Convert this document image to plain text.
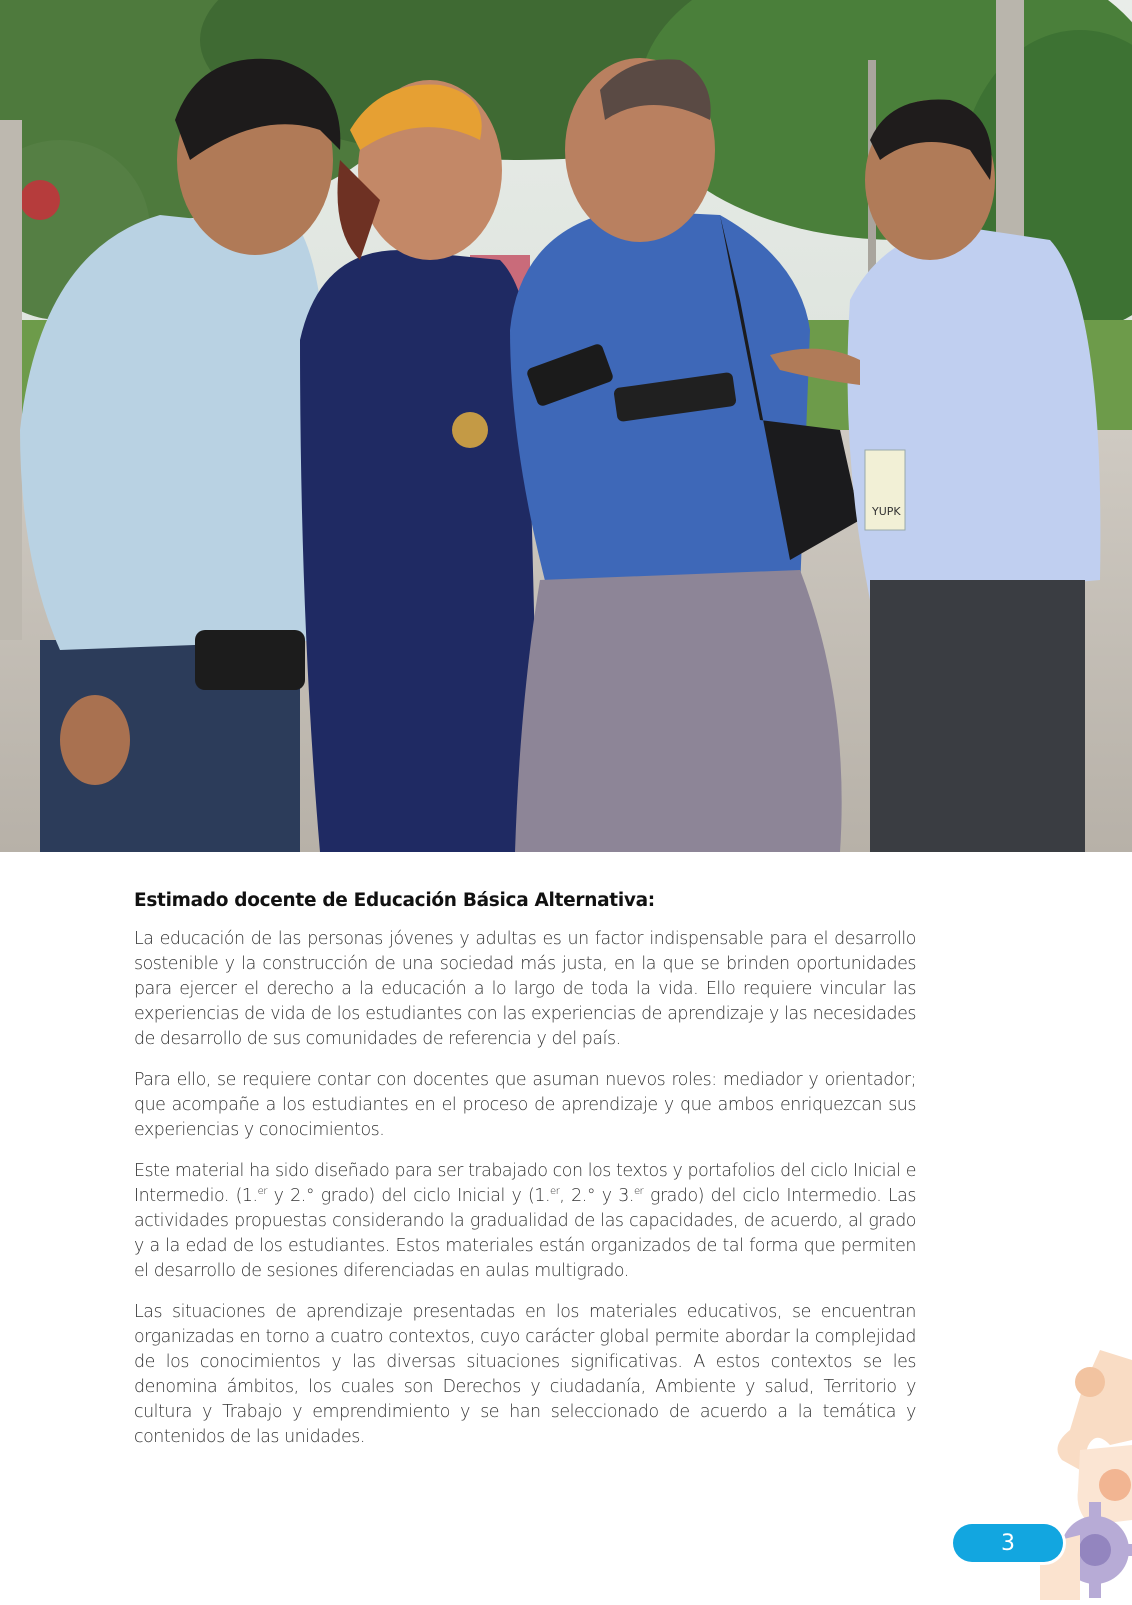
YUPK

Estimado docente de Educación Básica Alternativa:

La educación de las personas jóvenes y adultas es un factor indispensable para el desarrollo sostenible y la construcción de una sociedad más justa, en la que se brinden oportunidades para ejercer el derecho a la educación a lo largo de toda la vida. Ello requiere vincular las experiencias de vida de los estudiantes con las experiencias de aprendizaje y las necesidades de desarrollo de sus comunidades de referencia y del país.

Para ello, se requiere contar con docentes que asuman nuevos roles: mediador y orientador; que acompañe a los estudiantes en el proceso de aprendizaje y que ambos enriquezcan sus experiencias y conocimientos.

Este material ha sido diseñado para ser trabajado con los textos y portafolios del ciclo Inicial e Intermedio. (1.$^{er}$ y 2.° grado) del ciclo Inicial y (1.$^{er}$, 2.° y 3.$^{er}$ grado) del ciclo Intermedio. Las actividades propuestas considerando la gradualidad de las capacidades, de acuerdo, al grado y a la edad de los estudiantes. Estos materiales están organizados de tal forma que permiten el desarrollo de sesiones diferenciadas en aulas multigrado.

Las situaciones de aprendizaje presentadas en los materiales educativos, se encuentran organizadas en torno a cuatro contextos, cuyo carácter global permite abordar la complejidad de los conocimientos y las diversas situaciones significativas. A estos contextos se les denomina ámbitos, los cuales son Derechos y ciudadanía, Ambiente y salud, Territorio y cultura y Trabajo y emprendimiento y se han seleccionado de acuerdo a la temática y contenidos de las unidades.

3
